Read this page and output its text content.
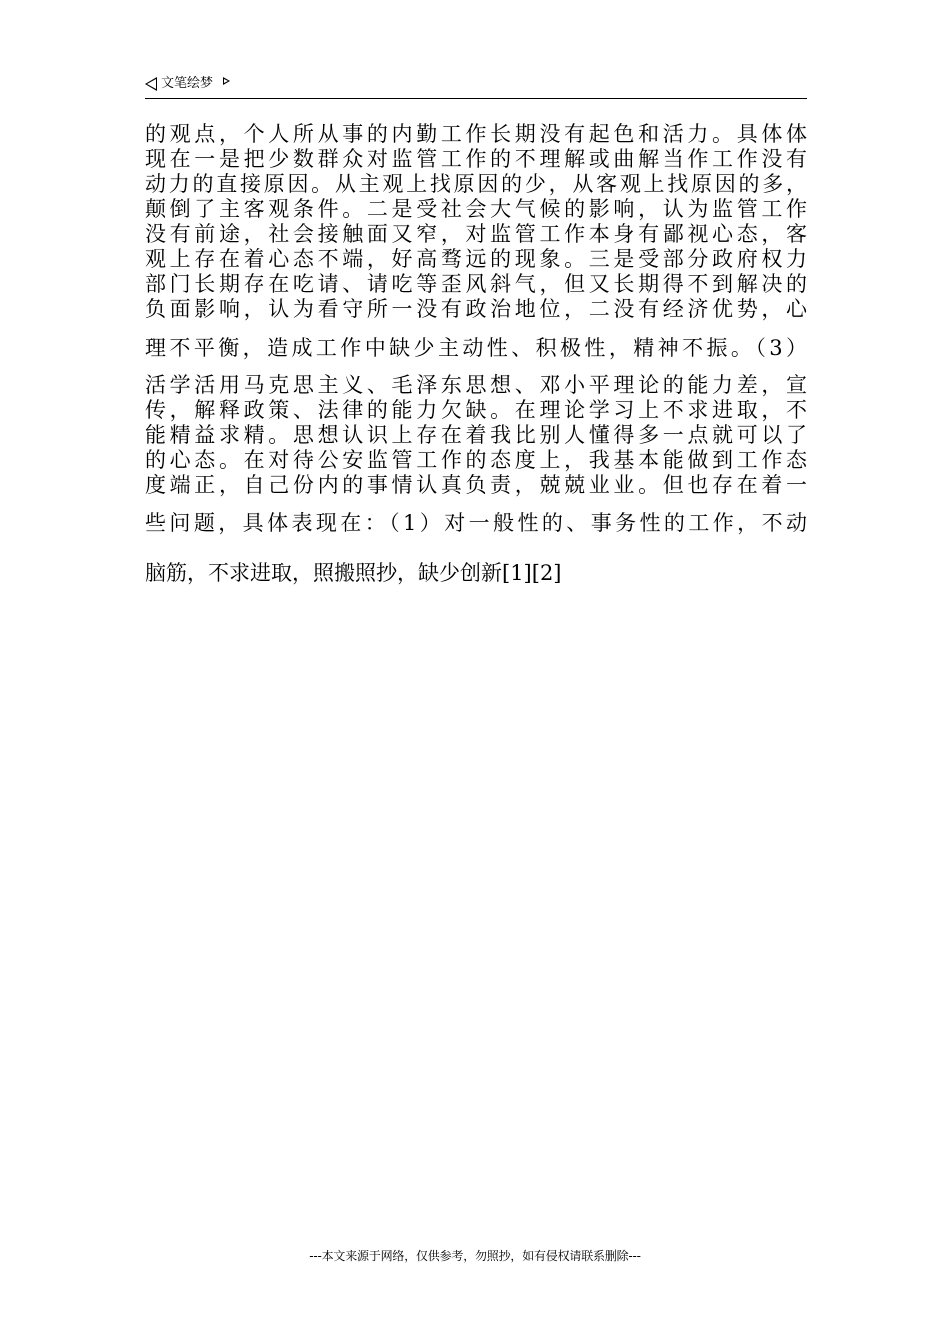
文笔绘梦
的观点，个人所从事的内勤工作长期没有起色和活力。具体体
现在一是把少数群众对监管工作的不理解或曲解当作工作没有
动力的直接原因。从主观上找原因的少，从客观上找原因的多，
颠倒了主客观条件。二是受社会大气候的影响，认为监管工作
没有前途，社会接触面又窄，对监管工作本身有鄙视心态，客
观上存在着心态不端，好高骛远的现象。三是受部分政府权力
部门长期存在吃请、请吃等歪风斜气，但又长期得不到解决的
负面影响，认为看守所一没有政治地位，二没有经济优势，心
理不平衡，造成工作中缺少主动性、积极性，精神不振。（3）
活学活用马克思主义、毛泽东思想、邓小平理论的能力差，宣
传，解释政策、法律的能力欠缺。在理论学习上不求进取，不
能精益求精。思想认识上存在着我比别人懂得多一点就可以了
的心态。在对待公安监管工作的态度上，我基本能做到工作态
度端正，自己份内的事情认真负责，兢兢业业。但也存在着一
些问题，具体表现在：（1）对一般性的、事务性的工作，不动
脑筋，不求进取，照搬照抄，缺少创新[1][2]
---本文来源于网络，仅供参考，勿照抄，如有侵权请联系删除---
